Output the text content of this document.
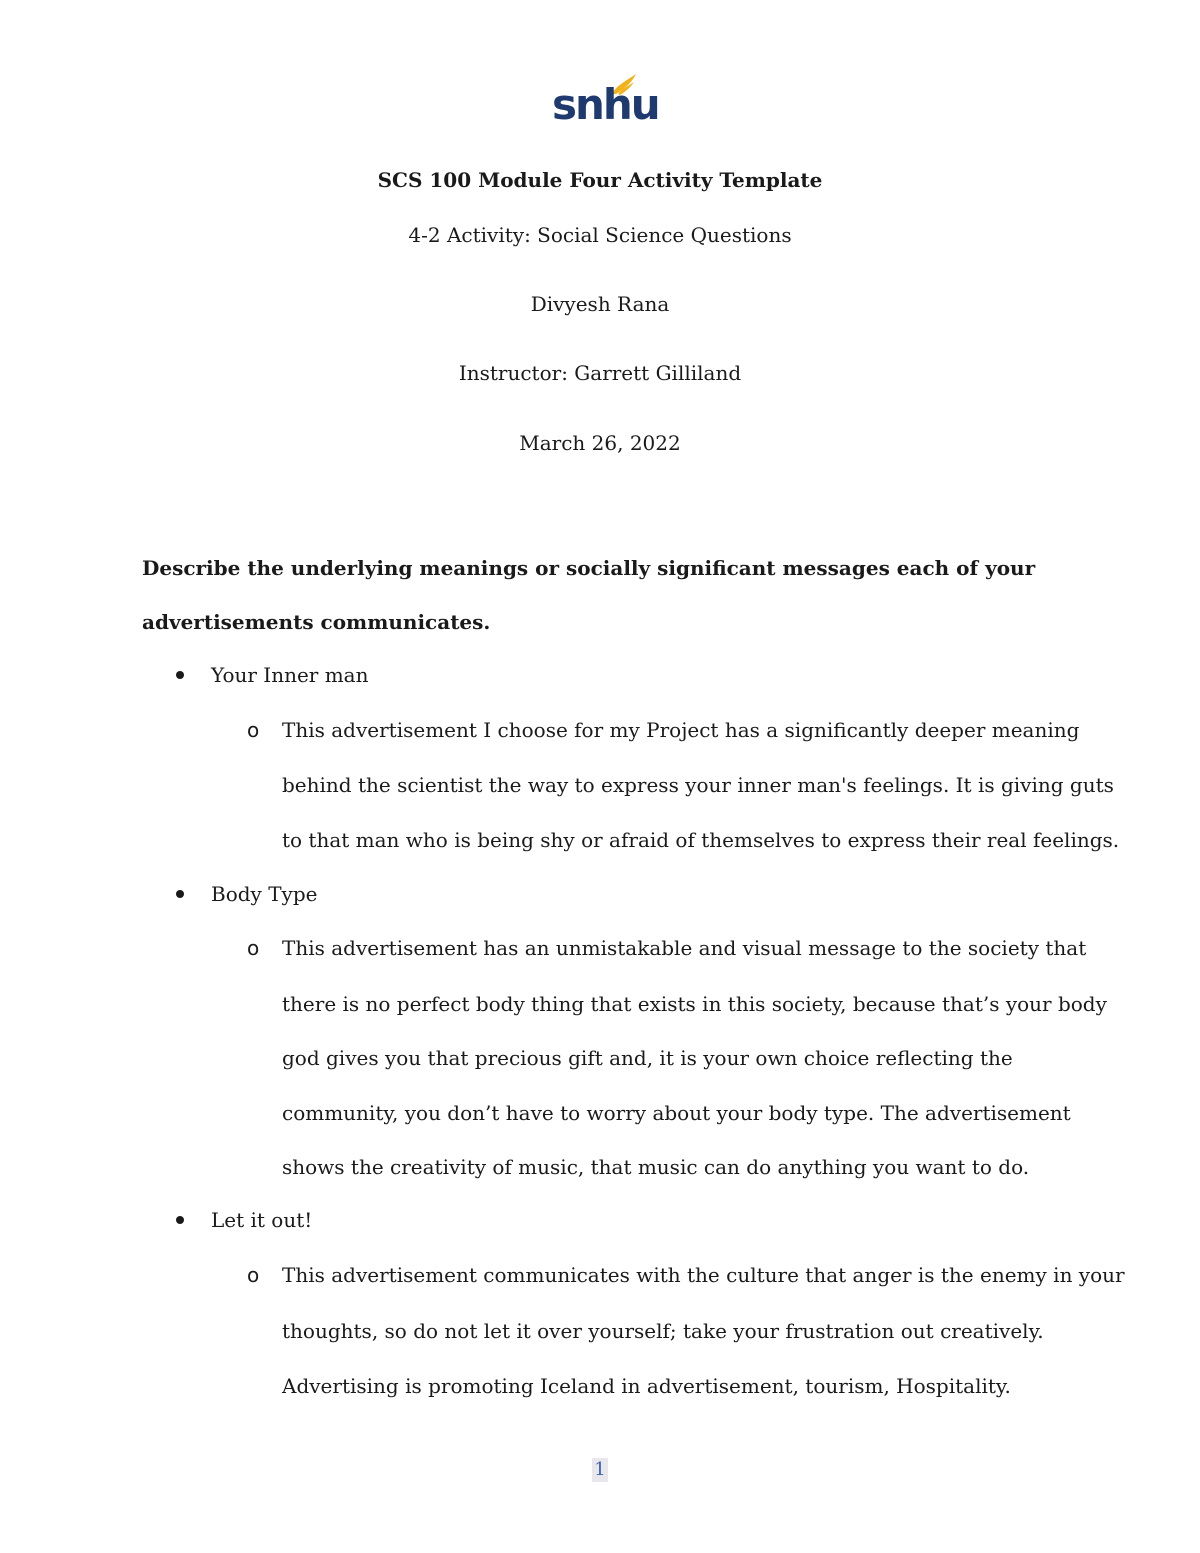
snhu
SCS 100 Module Four Activity Template
4-2 Activity: Social Science Questions
Divyesh Rana
Instructor: Garrett Gilliland
March 26, 2022
Describe the underlying meanings or socially significant messages each of your
advertisements communicates.
Your Inner man
o This advertisement I choose for my Project has a significantly deeper meaning
behind the scientist the way to express your inner man's feelings. It is giving guts
to that man who is being shy or afraid of themselves to express their real feelings.
Body Type
o This advertisement has an unmistakable and visual message to the society that
there is no perfect body thing that exists in this society, because that’s your body
god gives you that precious gift and, it is your own choice reflecting the
community, you don’t have to worry about your body type. The advertisement
shows the creativity of music, that music can do anything you want to do.
Let it out!
o This advertisement communicates with the culture that anger is the enemy in your
thoughts, so do not let it over yourself; take your frustration out creatively.
Advertising is promoting Iceland in advertisement, tourism, Hospitality.
1
